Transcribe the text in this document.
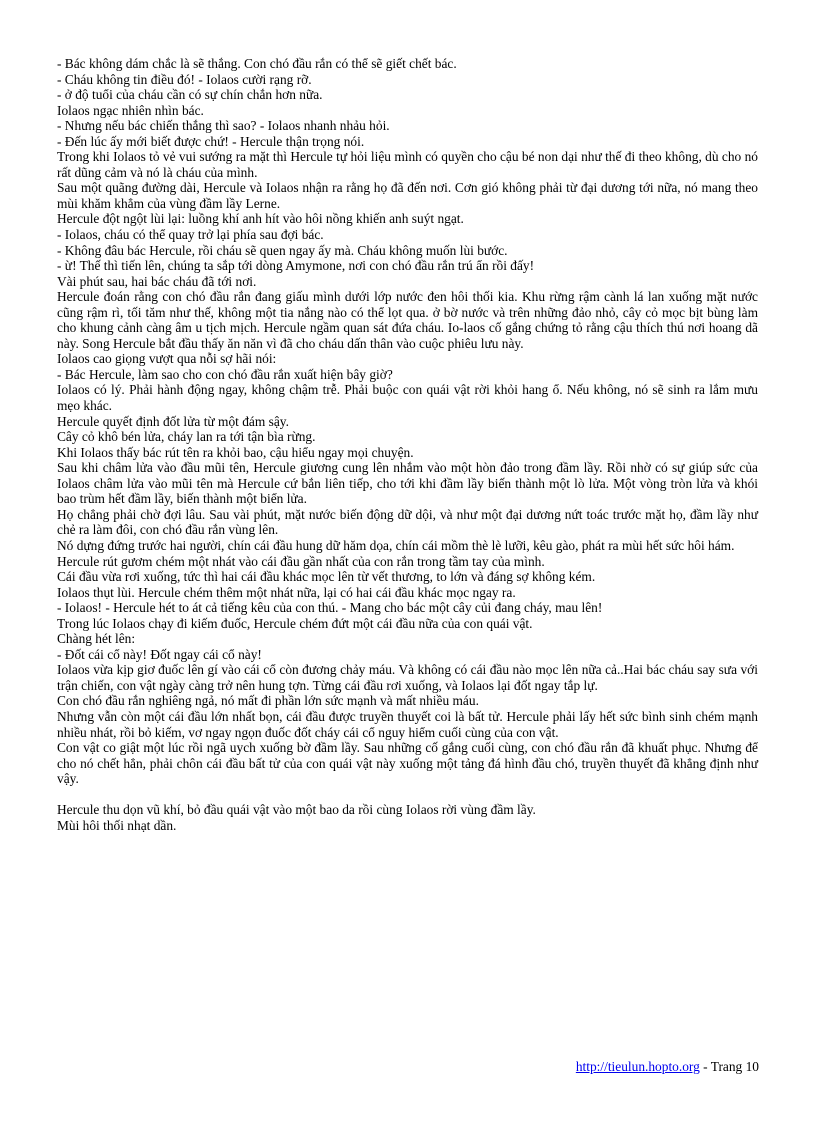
- Bác không dám chắc là sẽ thắng. Con chó đầu rắn có thể sẽ giết chết bác.

- Cháu không tin điều đó! - Iolaos cười rạng rỡ.

- ở độ tuổi của cháu cần có sự chín chắn hơn nữa.

Iolaos ngạc nhiên nhìn bác.

- Nhưng nếu bác chiến thắng thì sao? - Iolaos nhanh nhảu hỏi.

- Đến lúc ấy mới biết được chứ! - Hercule thận trọng nói.

Trong khi Iolaos tỏ vẻ vui sướng ra mặt thì Hercule tự hỏi liệu mình có quyền cho cậu bé non dại như thế đi theo không, dù cho nó rất dũng cảm và nó là cháu của mình.

Sau một quãng đường dài, Hercule và Iolaos nhận ra rằng họ đã đến nơi. Cơn gió không phải từ đại dương tới nữa, nó mang theo mùi khăm khẳm của vùng đầm lầy Lerne.

Hercule đột ngột lùi lại: luồng khí anh hít vào hôi nồng khiến anh suýt ngạt.

- Iolaos, cháu có thể quay trở lại phía sau đợi bác.

- Không đâu bác Hercule, rồi cháu sẽ quen ngay ấy mà. Cháu không muốn lùi bước.

- ừ! Thế thì tiến lên, chúng ta sắp tới dòng Amymone, nơi con chó đầu rắn trú ẩn rồi đấy!

Vài phút sau, hai bác cháu đã tới nơi.

Hercule đoán rằng con chó đầu rắn đang giấu mình dưới lớp nước đen hôi thối kia. Khu rừng rậm cành lá lan xuống mặt nước cũng rậm rì, tối tăm như thế, không một tia nắng nào có thể lọt qua. ở bờ nước và trên những đảo nhỏ, cây cỏ mọc bịt bùng làm cho khung cảnh càng âm u tịch mịch. Hercule ngầm quan sát đứa cháu. Io-laos cố gắng chứng tỏ rằng cậu thích thú nơi hoang dã này. Song Hercule bắt đầu thấy ăn năn vì đã cho cháu dấn thân vào cuộc phiêu lưu này.

Iolaos cao giọng vượt qua nỗi sợ hãi nói:

- Bác Hercule, làm sao cho con chó đầu rắn xuất hiện bây giờ?

Iolaos có lý. Phải hành động ngay, không chậm trễ. Phải buộc con quái vật rời khỏi hang ổ. Nếu không, nó sẽ sinh ra lắm mưu mẹo khác.

Hercule quyết định đốt lửa từ một đám sậy.

Cây cỏ khô bén lửa, cháy lan ra tới tận bìa rừng.

Khi Iolaos thấy bác rút tên ra khỏi bao, cậu hiểu ngay mọi chuyện.

Sau khi châm lửa vào đầu mũi tên, Hercule giương cung lên nhắm vào một hòn đảo trong đầm lầy. Rồi nhờ có sự giúp sức của Iolaos châm lửa vào mũi tên mà Hercule cứ bắn liên tiếp, cho tới khi đầm lầy biến thành một lò lửa. Một vòng tròn lửa và khói bao trùm hết đầm lầy, biến thành một biển lửa.

Họ chẳng phải chờ đợi lâu. Sau vài phút, mặt nước biến động dữ dội, và như một đại dương nứt toác trước mặt họ, đầm lầy như chẻ ra làm đôi, con chó đầu rắn vùng lên.

Nó dựng đứng trước hai người, chín cái đầu hung dữ hăm dọa, chín cái mồm thè lè lưỡi, kêu gào, phát ra mùi hết sức hôi hám.

Hercule rút gươm chém một nhát vào cái đầu gần nhất của con rắn trong tầm tay của mình.

Cái đầu vừa rơi xuống, tức thì hai cái đầu khác mọc lên từ vết thương, to lớn và đáng sợ không kém.

Iolaos thụt lùi. Hercule chém thêm một nhát nữa, lại có hai cái đầu khác mọc ngay ra.

- Iolaos! - Hercule hét to át cả tiếng kêu của con thú. - Mang cho bác một cây củi đang cháy, mau lên!

Trong lúc Iolaos chạy đi kiếm đuốc, Hercule chém đứt một cái đầu nữa của con quái vật.

Chàng hét lên:

- Đốt cái cổ này! Đốt ngay cái cổ này!

Iolaos vừa kịp giơ đuốc lên gí vào cái cổ còn đương chảy máu. Và không có cái đầu nào mọc lên nữa cả..Hai bác cháu say sưa với trận chiến, con vật ngày càng trở nên hung tợn. Từng cái đầu rơi xuống, và Iolaos lại đốt ngay tắp lự.

Con chó đầu rắn nghiêng ngả, nó mất đi phần lớn sức mạnh và mất nhiều máu.

Nhưng vẫn còn một cái đầu lớn nhất bọn, cái đầu được truyền thuyết coi là bất tử. Hercule phải lấy hết sức bình sinh chém mạnh nhiều nhát, rồi bỏ kiếm, vơ ngay ngọn đuốc đốt cháy cái cổ nguy hiểm cuối cùng của con vật.

Con vật co giật một lúc rồi ngã uych xuống bờ đầm lầy. Sau những cố gắng cuối cùng, con chó đầu rắn đã khuất phục. Nhưng để cho nó chết hẳn, phải chôn cái đầu bất tử của con quái vật này xuống một tảng đá hình đầu chó, truyền thuyết đã khẳng định như vậy.

Hercule thu dọn vũ khí, bỏ đầu quái vật vào một bao da rồi cùng Iolaos rời vùng đầm lầy.

Mùi hôi thối nhạt dần.

http://tieulun.hopto.org - Trang 10
